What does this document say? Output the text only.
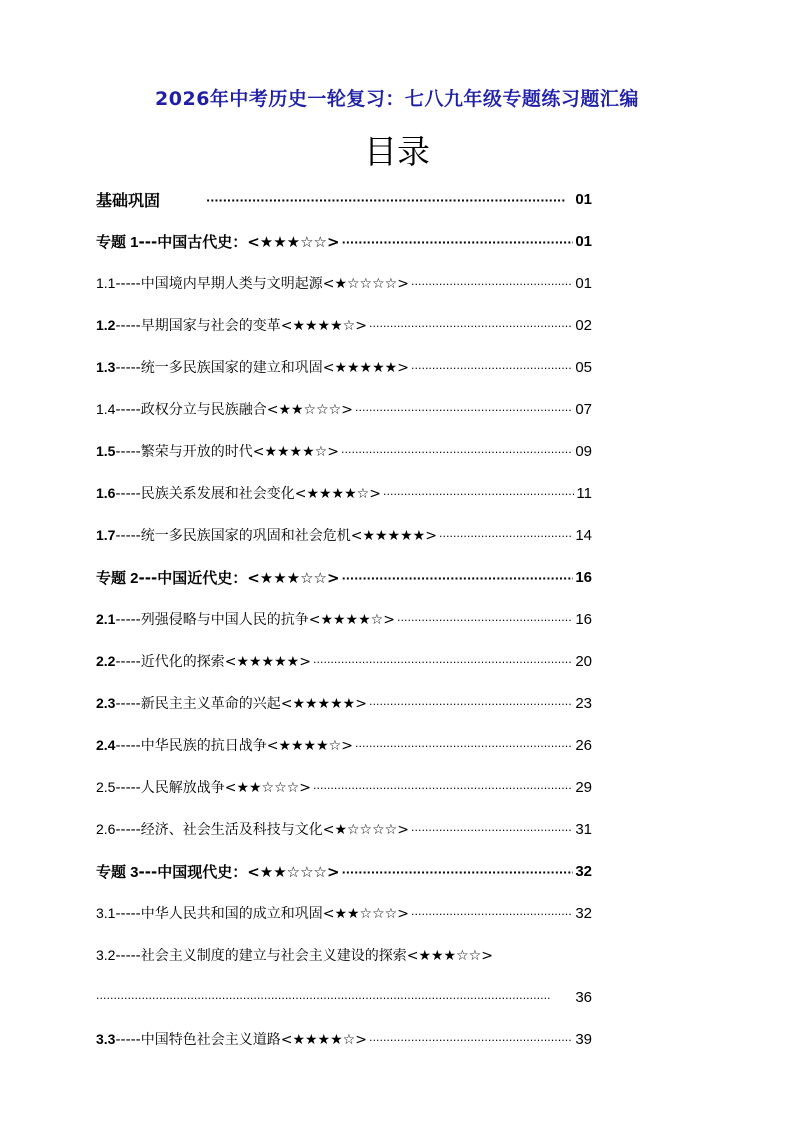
2026年中考历史一轮复习：七八九年级专题练习题汇编
目录
基础巩固 ·····	01
专题 1---中国古代史：<★★★☆☆> ·····	01
1.1-----中国境内早期人类与文明起源<★☆☆☆☆> ·····	01
1.2-----早期国家与社会的变革<★★★★☆> ·····	02
1.3-----统一多民族国家的建立和巩固<★★★★★> ·····	05
1.4-----政权分立与民族融合<★★☆☆☆> ·····	07
1.5-----繁荣与开放的时代<★★★★☆> ·····	09
1.6-----民族关系发展和社会变化<★★★★☆> ·····	11
1.7-----统一多民族国家的巩固和社会危机<★★★★★> ·····	14
专题 2---中国近代史：<★★★☆☆> ·····	16
2.1-----列强侵略与中国人民的抗争<★★★★☆> ·····	16
2.2-----近代化的探索<★★★★★> ·····	20
2.3-----新民主主义革命的兴起<★★★★★> ·····	23
2.4-----中华民族的抗日战争<★★★★☆> ·····	26
2.5-----人民解放战争<★★☆☆☆> ·····	29
2.6-----经济、社会生活及科技与文化<★☆☆☆☆> ·····	31
专题 3---中国现代史：<★★☆☆☆> ·····	32
3.1-----中华人民共和国的成立和巩固<★★☆☆☆> ·····	32
3.2-----社会主义制度的建立与社会主义建设的探索<★★★☆☆>
·····
36
3.3-----中国特色社会主义道路<★★★★☆> ·····	39
